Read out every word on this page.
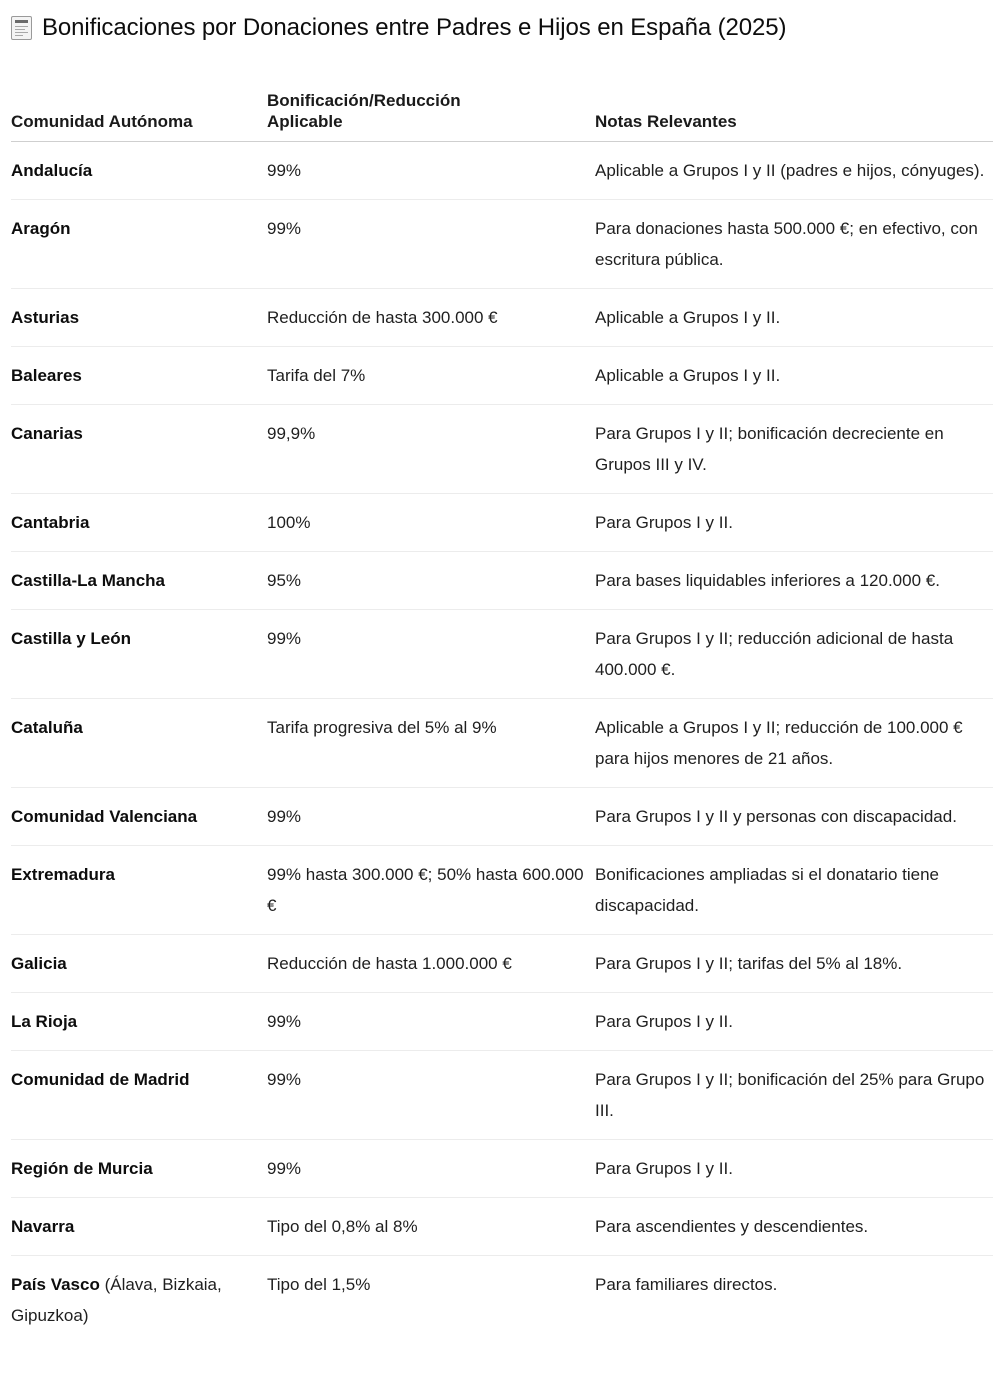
Bonificaciones por Donaciones entre Padres e Hijos en España (2025)
Comunidad Autónoma	Bonificación/Reducción Aplicable	Notas Relevantes
Andalucía	99%	Aplicable a Grupos I y II (padres e hijos, cónyuges).
Aragón	99%	Para donaciones hasta 500.000 €; en efectivo, con escritura pública.
Asturias	Reducción de hasta 300.000 €	Aplicable a Grupos I y II.
Baleares	Tarifa del 7%	Aplicable a Grupos I y II.
Canarias	99,9%	Para Grupos I y II; bonificación decreciente en Grupos III y IV.
Cantabria	100%	Para Grupos I y II.
Castilla-La Mancha	95%	Para bases liquidables inferiores a 120.000 €.
Castilla y León	99%	Para Grupos I y II; reducción adicional de hasta 400.000 €.
Cataluña	Tarifa progresiva del 5% al 9%	Aplicable a Grupos I y II; reducción de 100.000 € para hijos menores de 21 años.
Comunidad Valenciana	99%	Para Grupos I y II y personas con discapacidad.
Extremadura	99% hasta 300.000 €; 50% hasta 600.000 €	Bonificaciones ampliadas si el donatario tiene discapacidad.
Galicia	Reducción de hasta 1.000.000 €	Para Grupos I y II; tarifas del 5% al 18%.
La Rioja	99%	Para Grupos I y II.
Comunidad de Madrid	99%	Para Grupos I y II; bonificación del 25% para Grupo III.
Región de Murcia	99%	Para Grupos I y II.
Navarra	Tipo del 0,8% al 8%	Para ascendientes y descendientes.
País Vasco (Álava, Bizkaia, Gipuzkoa)	Tipo del 1,5%	Para familiares directos.
